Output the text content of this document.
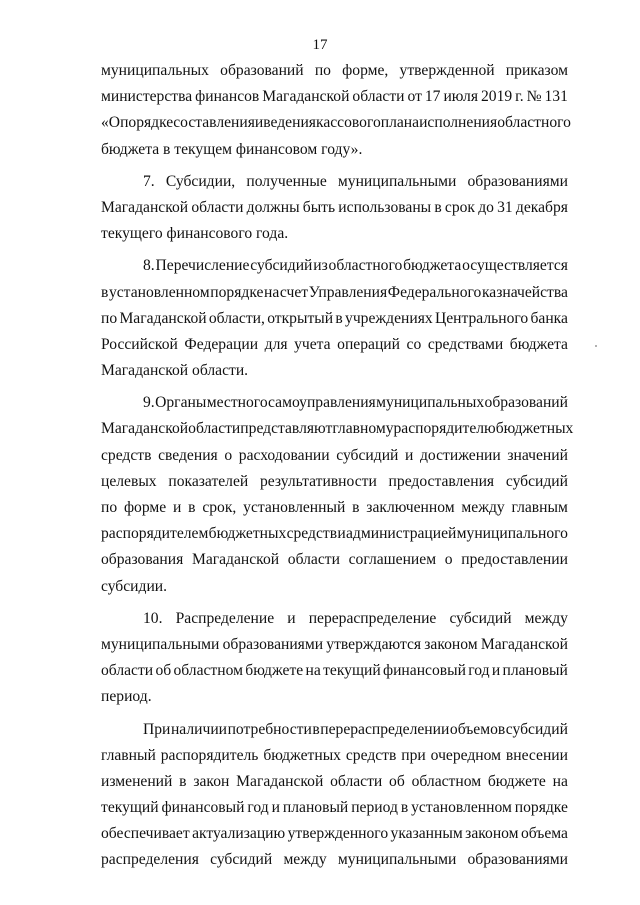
17
муниципальных образований по форме, утвержденной приказом
министерства финансов Магаданской области от 17 июля 2019 г. № 131
«О порядке составления и ведения кассового плана исполнения областного
бюджета в текущем финансовом году».
7. Субсидии, полученные муниципальными образованиями
Магаданской области должны быть использованы в срок до 31 декабря
текущего финансового года.
8. Перечисление субсидий из областного бюджета осуществляется
в установленном порядке на счет Управления Федерального казначейства
по Магаданской области, открытый в учреждениях Центрального банка
Российской Федерации для учета операций со средствами бюджета
Магаданской области.
9. Органы местного самоуправления муниципальных образований
Магаданской области представляют главному распорядителю бюджетных
средств сведения о расходовании субсидий и достижении значений
целевых показателей результативности предоставления субсидий
по форме и в срок, установленный в заключенном между главным
распорядителем бюджетных средств и администрацией муниципального
образования Магаданской области соглашением о предоставлении
субсидии.
10. Распределение и перераспределение субсидий между
муниципальными образованиями утверждаются законом Магаданской
области об областном бюджете на текущий финансовый год и плановый
период.
При наличии потребности в перераспределении объемов субсидий
главный распорядитель бюджетных средств при очередном внесении
изменений в закон Магаданской области об областном бюджете на
текущий финансовый год и плановый период в установленном порядке
обеспечивает актуализацию утвержденного указанным законом объема
распределения субсидий между муниципальными образованиями
